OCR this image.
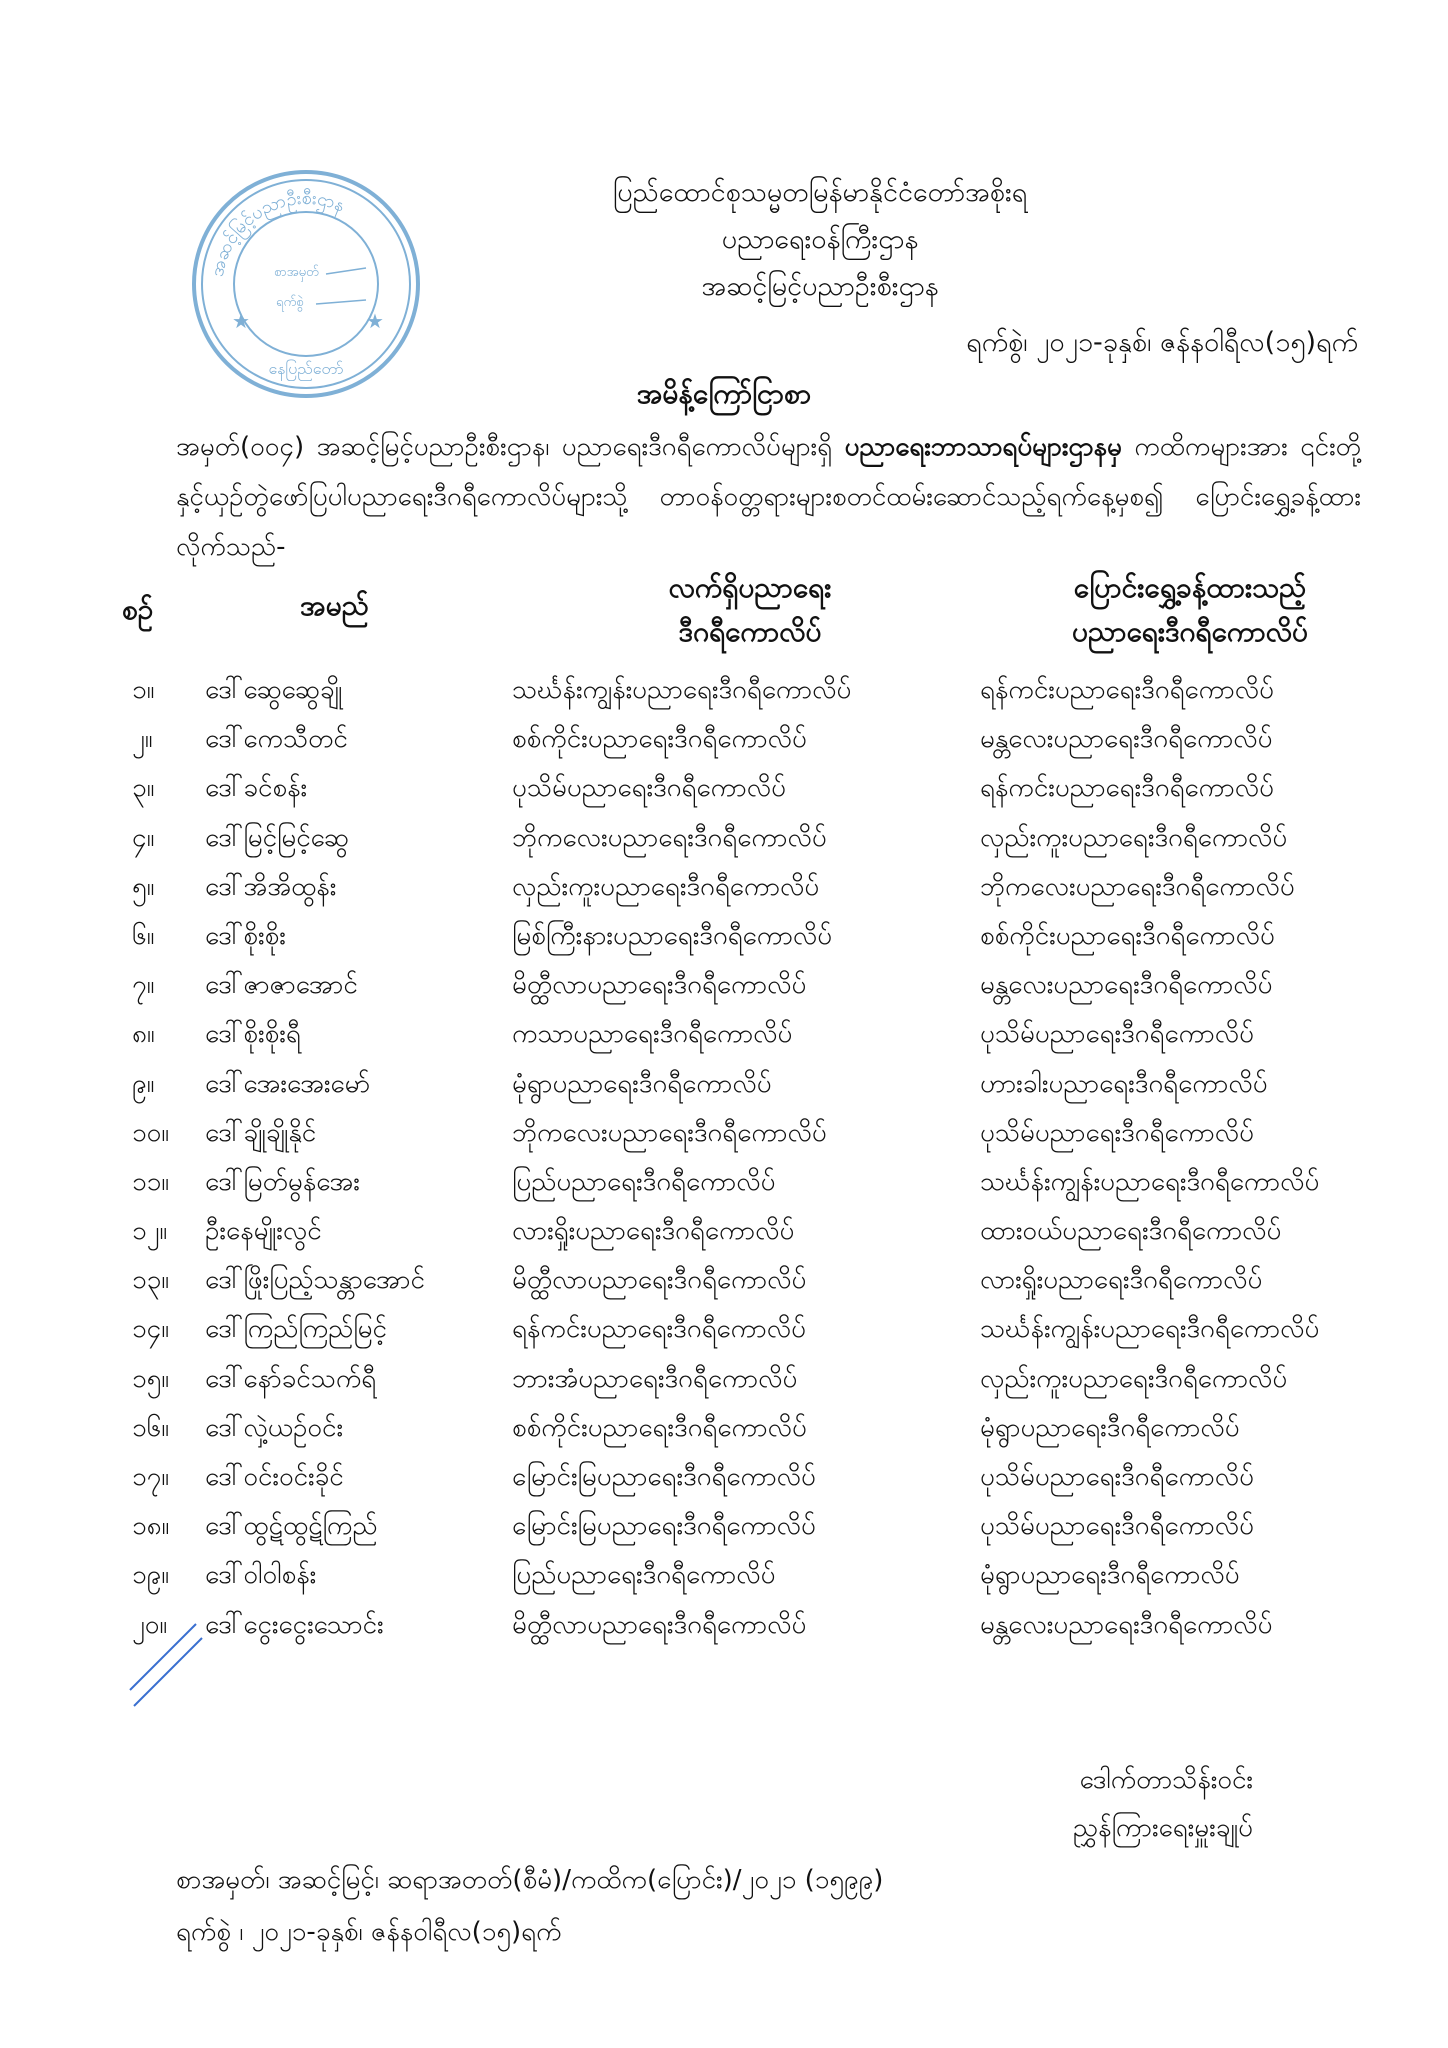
အဆင့်မြင့်ပညာဦးစီးဌာန
စာအမှတ်
ရက်စွဲ
★	★
နေပြည်တော်
ပြည်ထောင်စုသမ္မတမြန်မာနိုင်ငံတော်အစိုးရ
ပညာရေးဝန်ကြီးဌာန
အဆင့်မြင့်ပညာဦးစီးဌာန
ရက်စွဲ၊ ၂၀၂၁-ခုနှစ်၊ ဇန်နဝါရီလ(၁၅)ရက်
အမိန့်ကြော်ငြာစာ
အမှတ်(၀၀၄) အဆင့်မြင့်ပညာဦးစီးဌာန၊ ပညာရေးဒီဂရီကောလိပ်များရှိ ပညာရေးဘာသာရပ်များဌာနမှ ကထိကများအား ၎င်းတို့နှင့်ယှဉ်တွဲဖော်ပြပါပညာရေးဒီဂရီကောလိပ်များသို့ တာဝန်ဝတ္တရားများစတင်ထမ်းဆောင်သည့်ရက်နေ့မှစ၍ ပြောင်းရွှေ့ခန့်ထားလိုက်သည်-
စဉ်	အမည်
လက်ရှိပညာရေး
ဒီဂရီကောလိပ်
ပြောင်းရွှေ့ခန့်ထားသည့်
ပညာရေးဒီဂရီကောလိပ်
၁။ ဒေါ်ဆွေဆွေချို	သင်္ဃန်းကျွန်းပညာရေးဒီဂရီကောလိပ်	ရန်ကင်းပညာရေးဒီဂရီကောလိပ်
၂။ ဒေါ်ကေသီတင်	စစ်ကိုင်းပညာရေးဒီဂရီကောလိပ်	မန္တလေးပညာရေးဒီဂရီကောလိပ်
၃။ ဒေါ်ခင်စန်း	ပုသိမ်ပညာရေးဒီဂရီကောလိပ်	ရန်ကင်းပညာရေးဒီဂရီကောလိပ်
၄။ ဒေါ်မြင့်မြင့်ဆွေ	ဘိုကလေးပညာရေးဒီဂရီကောလိပ်	လှည်းကူးပညာရေးဒီဂရီကောလိပ်
၅။ ဒေါ်အိအိထွန်း	လှည်းကူးပညာရေးဒီဂရီကောလိပ်	ဘိုကလေးပညာရေးဒီဂရီကောလိပ်
၆။ ဒေါ်စိုးစိုး	မြစ်ကြီးနားပညာရေးဒီဂရီကောလိပ်	စစ်ကိုင်းပညာရေးဒီဂရီကောလိပ်
၇။ ဒေါ်ဇာဇာအောင်	မိတ္ထီလာပညာရေးဒီဂရီကောလိပ်	မန္တလေးပညာရေးဒီဂရီကောလိပ်
၈။ ဒေါ်စိုးစိုးရီ	ကသာပညာရေးဒီဂရီကောလိပ်	ပုသိမ်ပညာရေးဒီဂရီကောလိပ်
၉။ ဒေါ်အေးအေးမော်	မုံရွာပညာရေးဒီဂရီကောလိပ်	ဟားခါးပညာရေးဒီဂရီကောလိပ်
၁၀။ ဒေါ်ချိုချိုနိုင်	ဘိုကလေးပညာရေးဒီဂရီကောလိပ်	ပုသိမ်ပညာရေးဒီဂရီကောလိပ်
၁၁။ ဒေါ်မြတ်မွန်အေး	ပြည်ပညာရေးဒီဂရီကောလိပ်	သင်္ဃန်းကျွန်းပညာရေးဒီဂရီကောလိပ်
၁၂။ ဦးနေမျိုးလွင်	လားရှိုးပညာရေးဒီဂရီကောလိပ်	ထားဝယ်ပညာရေးဒီဂရီကောလိပ်
၁၃။ ဒေါ်ဖြိုးပြည့်သန္တာအောင်	မိတ္ထီလာပညာရေးဒီဂရီကောလိပ်	လားရှိုးပညာရေးဒီဂရီကောလိပ်
၁၄။ ဒေါ်ကြည်ကြည်မြင့်	ရန်ကင်းပညာရေးဒီဂရီကောလိပ်	သင်္ဃန်းကျွန်းပညာရေးဒီဂရီကောလိပ်
၁၅။ ဒေါ်နော်ခင်သက်ရီ	ဘားအံပညာရေးဒီဂရီကောလိပ်	လှည်းကူးပညာရေးဒီဂရီကောလိပ်
၁၆။ ဒေါ်လှဲ့ယဉ်ဝင်း	စစ်ကိုင်းပညာရေးဒီဂရီကောလိပ်	မုံရွာပညာရေးဒီဂရီကောလိပ်
၁၇။ ဒေါ်ဝင်းဝင်းခိုင်	မြောင်းမြပညာရေးဒီဂရီကောလိပ်	ပုသိမ်ပညာရေးဒီဂရီကောလိပ်
၁၈။ ဒေါ်ထွဋ်ထွဋ်ကြည်	မြောင်းမြပညာရေးဒီဂရီကောလိပ်	ပုသိမ်ပညာရေးဒီဂရီကောလိပ်
၁၉။ ဒေါ်ဝါဝါစန်း	ပြည်ပညာရေးဒီဂရီကောလိပ်	မုံရွာပညာရေးဒီဂရီကောလိပ်
၂၀။ ဒေါ်ငွေးငွေးသောင်း	မိတ္ထီလာပညာရေးဒီဂရီကောလိပ်	မန္တလေးပညာရေးဒီဂရီကောလိပ်
ဒေါက်တာသိန်းဝင်း
ညွှန်ကြားရေးမှူးချုပ်
စာအမှတ်၊ အဆင့်မြင့်၊ ဆရာအတတ်(စီမံ)/ကထိက(ပြောင်း)/၂၀၂၁ (၁၅၉၉)
ရက်စွဲ ၊ ၂၀၂၁-ခုနှစ်၊ ဇန်နဝါရီလ(၁၅)ရက်
